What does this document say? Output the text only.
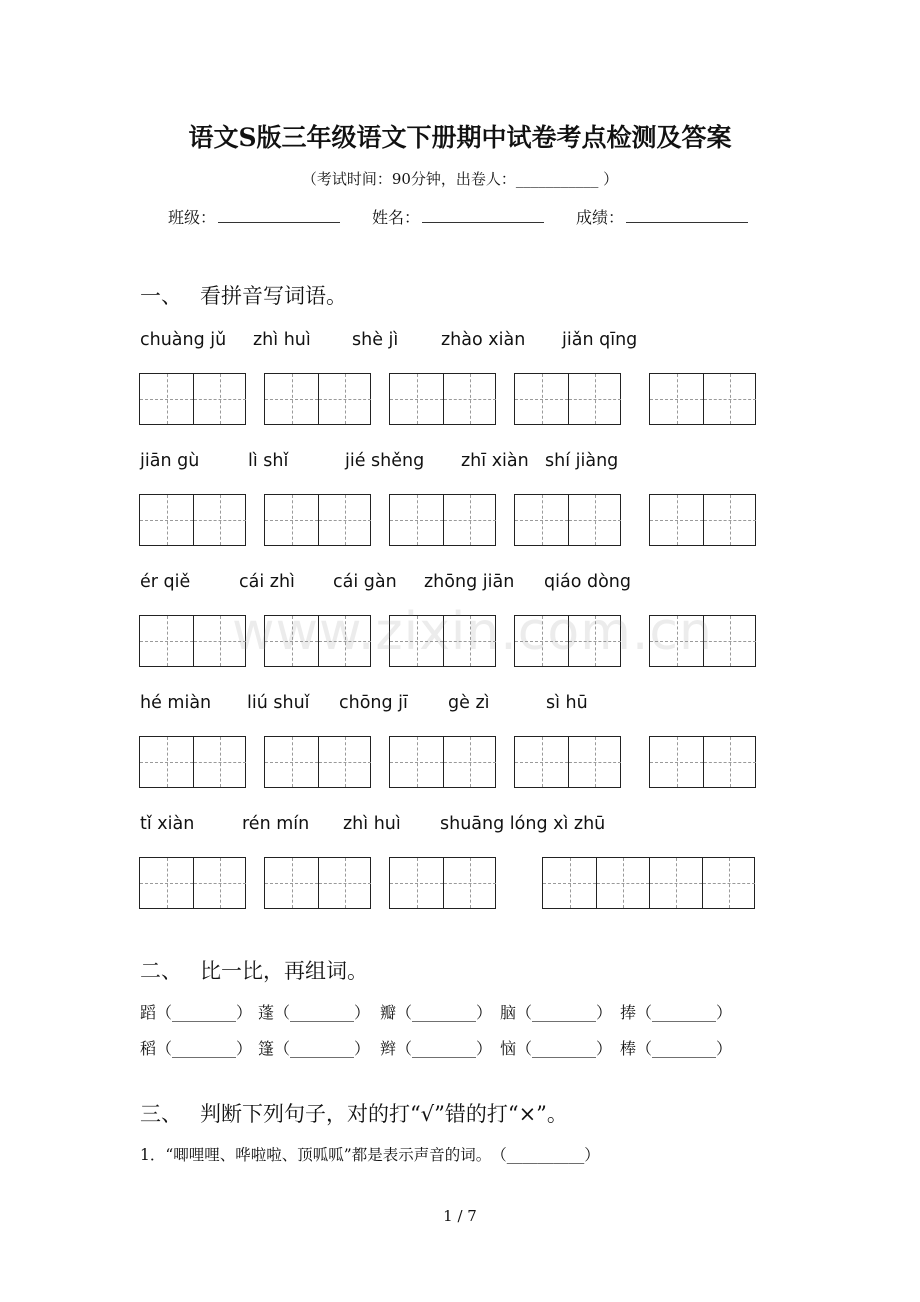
语文S版三年级语文下册期中试卷考点检测及答案
（考试时间：90分钟，出卷人：___________ ）
班级：	姓名：	成绩：
一、 看拼音写词语。
chuàng jǔ zhì huì shè jì zhào xiàn jiǎn qīng
jiān gù	lì shǐ	jié shěng zhī xiàn shí jiàng
ér qiě	cái zhì cái gàn zhōng jiān qiáo dòng
hé miàn liú shuǐ chōng jī gè zì	sì hū
tǐ xiàn	rén mín zhì huì shuāng lóng xì zhū
www.zixin.com.cn
二、 比一比，再组词。
蹈（________） 蓬（________） 瓣（________） 脑（________） 捧（________）
稻（________） 篷（________） 辫（________） 恼（________） 棒（________）
三、 判断下列句子，对的打“√”错的打“×”。
1．“唧哩哩、哗啦啦、顶呱呱”都是表示声音的词。　（__________）
1 / 7
